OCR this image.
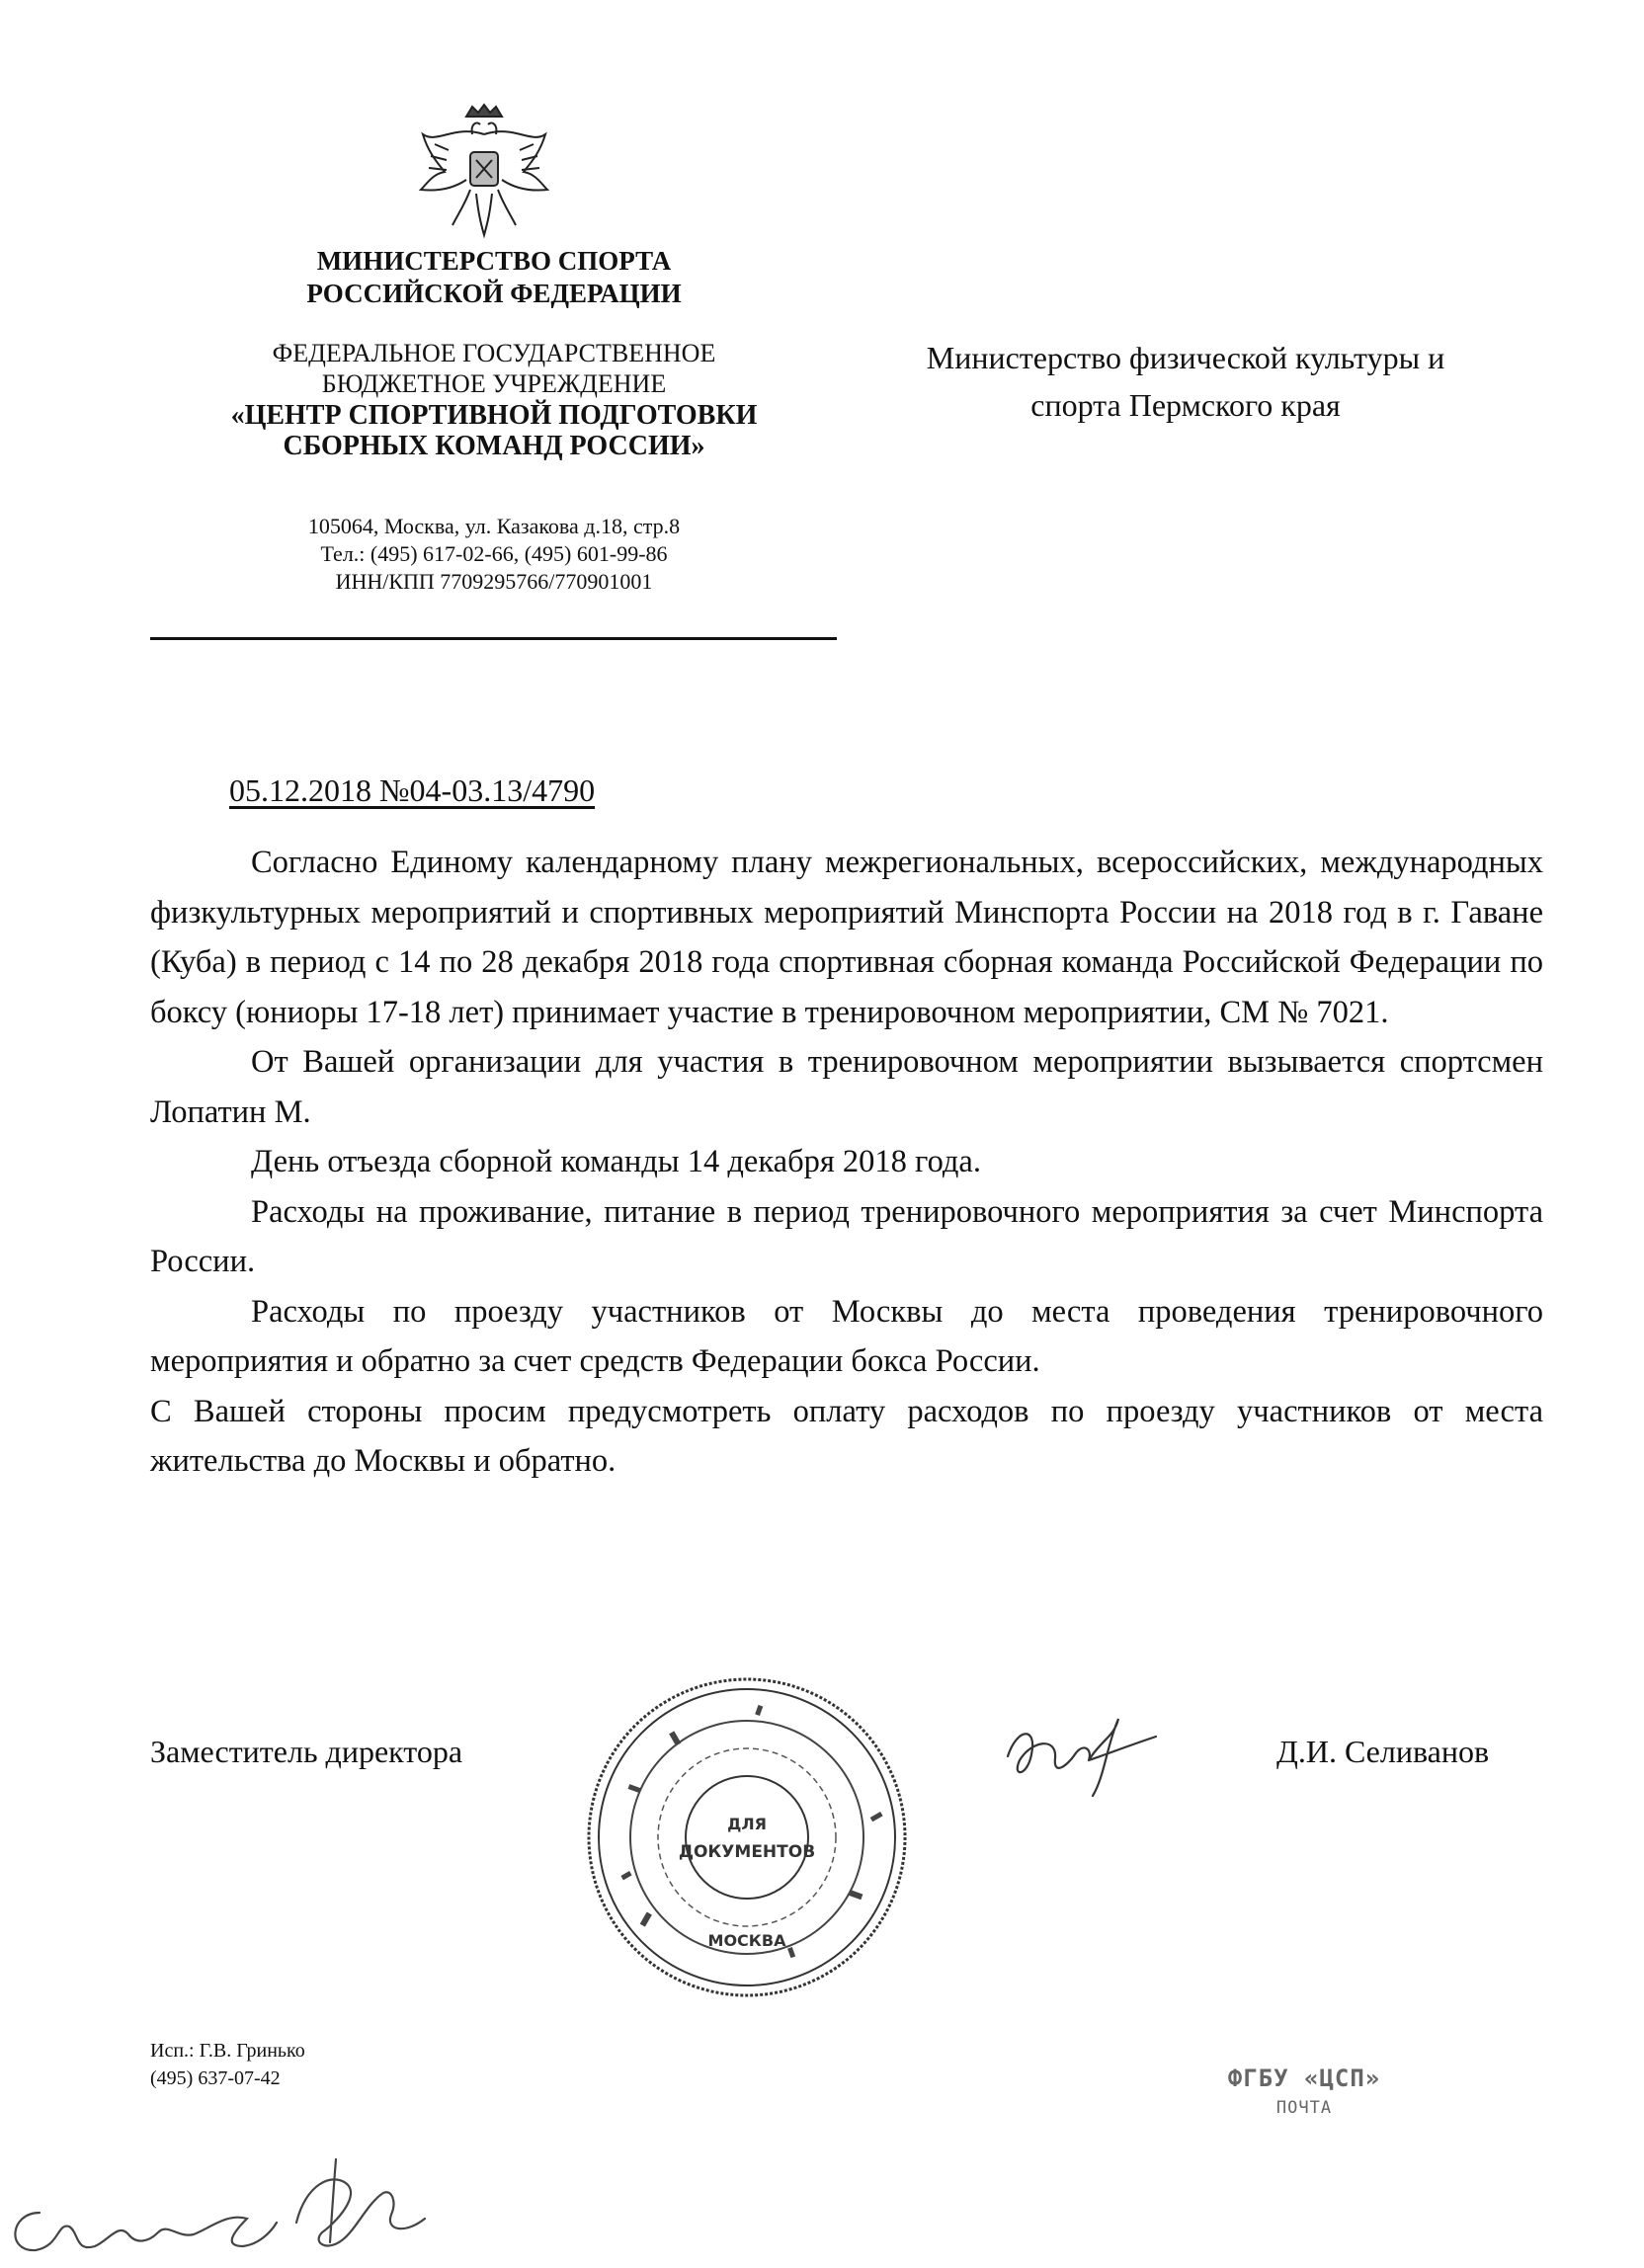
МИНИСТЕРСТВО СПОРТА
РОССИЙСКОЙ ФЕДЕРАЦИИ
ФЕДЕРАЛЬНОЕ ГОСУДАРСТВЕННОЕ
БЮДЖЕТНОЕ УЧРЕЖДЕНИЕ
«ЦЕНТР СПОРТИВНОЙ ПОДГОТОВКИ
СБОРНЫХ КОМАНД РОССИИ»
105064, Москва, ул. Казакова д.18, стр.8
Тел.: (495) 617-02-66, (495) 601-99-86
ИНН/КПП 7709295766/770901001
Министерство физической культуры и
спорта Пермского края
05.12.2018 №04-03.13/4790

Согласно Единому календарному плану межрегиональных, всероссийских, международных физкультурных мероприятий и спортивных мероприятий Минспорта России на 2018 год в г. Гаване (Куба) в период с 14 по 28 декабря 2018 года спортивная сборная команда Российской Федерации по боксу (юниоры 17-18 лет) принимает участие в тренировочном мероприятии, СМ № 7021.

От Вашей организации для участия в тренировочном мероприятии вызывается спортсмен Лопатин М.

День отъезда сборной команды 14 декабря 2018 года.

Расходы на проживание, питание в период тренировочного мероприятия за счет Минспорта России.

Расходы по проезду участников от Москвы до места проведения тренировочного мероприятия и обратно за счет средств Федерации бокса России.

С Вашей стороны просим предусмотреть оплату расходов по проезду участников от места жительства до Москвы и обратно.

Заместитель директора	Д.И. Селиванов
ДЛЯ
ДОКУМЕНТОВ
МОСКВА
Исп.: Г.В. Гринько
(495) 637-07-42	ФГБУ «ЦСП»
ПОЧТА
